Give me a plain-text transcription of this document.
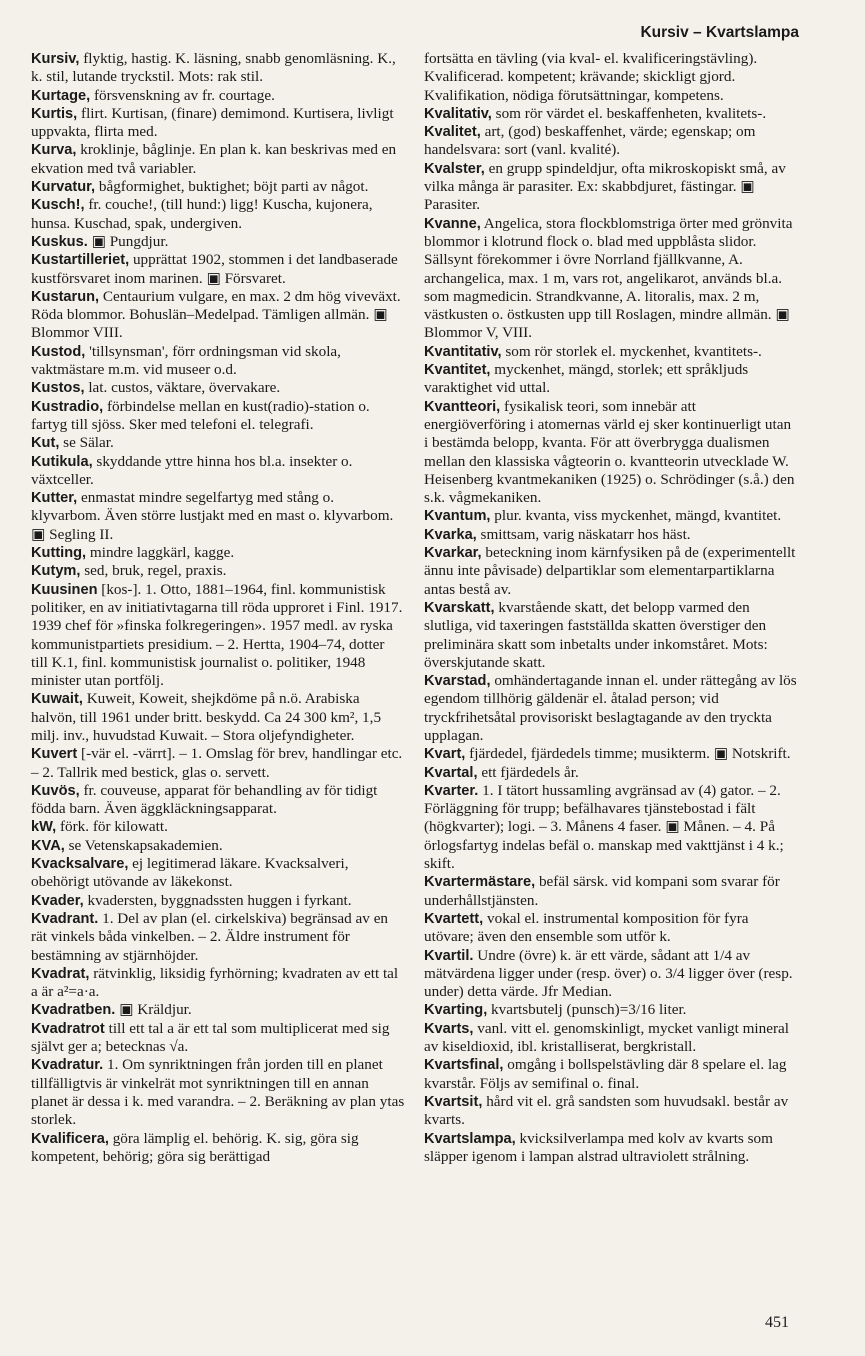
Kursiv – Kvartslampa

Kursiv, flyktig, hastig. K. läsning, snabb genomläsning. K., k. stil, lutande tryckstil. Mots: rak stil.

Kurtage, försvenskning av fr. courtage.

Kurtis, flirt. Kurtisan, (finare) demimond. Kurtisera, livligt uppvakta, flirta med.

Kurva, kroklinje, båglinje. En plan k. kan beskrivas med en ekvation med två variabler.

Kurvatur, bågformighet, buktighet; böjt parti av något.

Kusch!, fr. couche!, (till hund:) ligg! Kuscha, kujonera, hunsa. Kuschad, spak, undergiven.

Kuskus. ▣ Pungdjur.

Kustartilleriet, upprättat 1902, stommen i det landbaserade kustförsvaret inom marinen. ▣ Försvaret.

Kustarun, Centaurium vulgare, en max. 2 dm hög viveväxt. Röda blommor. Bohuslän–Medelpad. Tämligen allmän. ▣ Blommor VIII.

Kustod, 'tillsynsman', förr ordningsman vid skola, vaktmästare m.m. vid museer o.d.

Kustos, lat. custos, väktare, övervakare.

Kustradio, förbindelse mellan en kust(radio)-station o. fartyg till sjöss. Sker med telefoni el. telegrafi.

Kut, se Sälar.

Kutikula, skyddande yttre hinna hos bl.a. insekter o. växtceller.

Kutter, enmastat mindre segelfartyg med stång o. klyvarbom. Även större lustjakt med en mast o. klyvarbom. ▣ Segling II.

Kutting, mindre laggkärl, kagge.

Kutym, sed, bruk, regel, praxis.

Kuusinen [kos-]. 1. Otto, 1881–1964, finl. kommunistisk politiker, en av initiativtagarna till röda upproret i Finl. 1917. 1939 chef för »finska folkregeringen». 1957 medl. av ryska kommunistpartiets presidium. – 2. Hertta, 1904–74, dotter till K.1, finl. kommunistisk journalist o. politiker, 1948 minister utan portfölj.

Kuwait, Kuweit, Koweit, shejkdöme på n.ö. Arabiska halvön, till 1961 under britt. beskydd. Ca 24 300 km², 1,5 milj. inv., huvudstad Kuwait. – Stora oljefyndigheter.

Kuvert [-vär el. -värrt]. – 1. Omslag för brev, handlingar etc. – 2. Tallrik med bestick, glas o. servett.

Kuvös, fr. couveuse, apparat för behandling av för tidigt födda barn. Även äggkläckningsapparat.

kW, förk. för kilowatt.

KVA, se Vetenskapsakademien.

Kvacksalvare, ej legitimerad läkare. Kvacksalveri, obehörigt utövande av läkekonst.

Kvader, kvadersten, byggnadssten huggen i fyrkant.

Kvadrant. 1. Del av plan (el. cirkelskiva) begränsad av en rät vinkels båda vinkelben. – 2. Äldre instrument för bestämning av stjärnhöjder.

Kvadrat, rätvinklig, liksidig fyrhörning; kvadraten av ett tal a är a²=a·a.

Kvadratben. ▣ Kräldjur.

Kvadratrot till ett tal a är ett tal som multiplicerat med sig självt ger a; betecknas √a.

Kvadratur. 1. Om synriktningen från jorden till en planet tillfälligtvis är vinkelrät mot synriktningen till en annan planet är dessa i k. med varandra. – 2. Beräkning av plan ytas storlek.

Kvalificera, göra lämplig el. behörig. K. sig, göra sig kompetent, behörig; göra sig berättigad

fortsätta en tävling (via kval- el. kvalificeringstävling). Kvalificerad. kompetent; krävande; skickligt gjord. Kvalifikation, nödiga förutsättningar, kompetens.

Kvalitativ, som rör värdet el. beskaffenheten, kvalitets-.

Kvalitet, art, (god) beskaffenhet, värde; egenskap; om handelsvara: sort (vanl. kvalité).

Kvalster, en grupp spindeldjur, ofta mikroskopiskt små, av vilka många är parasiter. Ex: skabbdjuret, fästingar. ▣ Parasiter.

Kvanne, Angelica, stora flockblomstriga örter med grönvita blommor i klotrund flock o. blad med uppblåsta slidor. Sällsynt förekommer i övre Norrland fjällkvanne, A. archangelica, max. 1 m, vars rot, angelikarot, används bl.a. som magmedicin. Strandkvanne, A. litoralis, max. 2 m, västkusten o. östkusten upp till Roslagen, mindre allmän. ▣ Blommor V, VIII.

Kvantitativ, som rör storlek el. myckenhet, kvantitets-.

Kvantitet, myckenhet, mängd, storlek; ett språkljuds varaktighet vid uttal.

Kvantteori, fysikalisk teori, som innebär att energiöverföring i atomernas värld ej sker kontinuerligt utan i bestämda belopp, kvanta. För att överbrygga dualismen mellan den klassiska vågteorin o. kvantteorin utvecklade W. Heisenberg kvantmekaniken (1925) o. Schrödinger (s.å.) den s.k. vågmekaniken.

Kvantum, plur. kvanta, viss myckenhet, mängd, kvantitet.

Kvarka, smittsam, varig näskatarr hos häst.

Kvarkar, beteckning inom kärnfysiken på de (experimentellt ännu inte påvisade) delpartiklar som elementarpartiklarna antas bestå av.

Kvarskatt, kvarstående skatt, det belopp varmed den slutliga, vid taxeringen fastställda skatten överstiger den preliminära skatt som inbetalts under inkomståret. Mots: överskjutande skatt.

Kvarstad, omhändertagande innan el. under rättegång av lös egendom tillhörig gäldenär el. åtalad person; vid tryckfrihetsåtal provisoriskt beslagtagande av den tryckta upplagan.

Kvart, fjärdedel, fjärdedels timme; musikterm. ▣ Notskrift.

Kvartal, ett fjärdedels år.

Kvarter. 1. I tätort hussamling avgränsad av (4) gator. – 2. Förläggning för trupp; befälhavares tjänstebostad i fält (högkvarter); logi. – 3. Månens 4 faser. ▣ Månen. – 4. På örlogsfartyg indelas befäl o. manskap med vakttjänst i 4 k.; skift.

Kvartermästare, befäl särsk. vid kompani som svarar för underhållstjänsten.

Kvartett, vokal el. instrumental komposition för fyra utövare; även den ensemble som utför k.

Kvartil. Undre (övre) k. är ett värde, sådant att 1/4 av mätvärdena ligger under (resp. över) o. 3/4 ligger över (resp. under) detta värde. Jfr Median.

Kvarting, kvartsbutelj (punsch)=3/16 liter.

Kvarts, vanl. vitt el. genomskinligt, mycket vanligt mineral av kiseldioxid, ibl. kristalliserat, bergkristall.

Kvartsfinal, omgång i bollspelstävling där 8 spelare el. lag kvarstår. Följs av semifinal o. final.

Kvartsit, hård vit el. grå sandsten som huvudsakl. består av kvarts.

Kvartslampa, kvicksilverlampa med kolv av kvarts som släpper igenom i lampan alstrad ultraviolett strålning.

451
